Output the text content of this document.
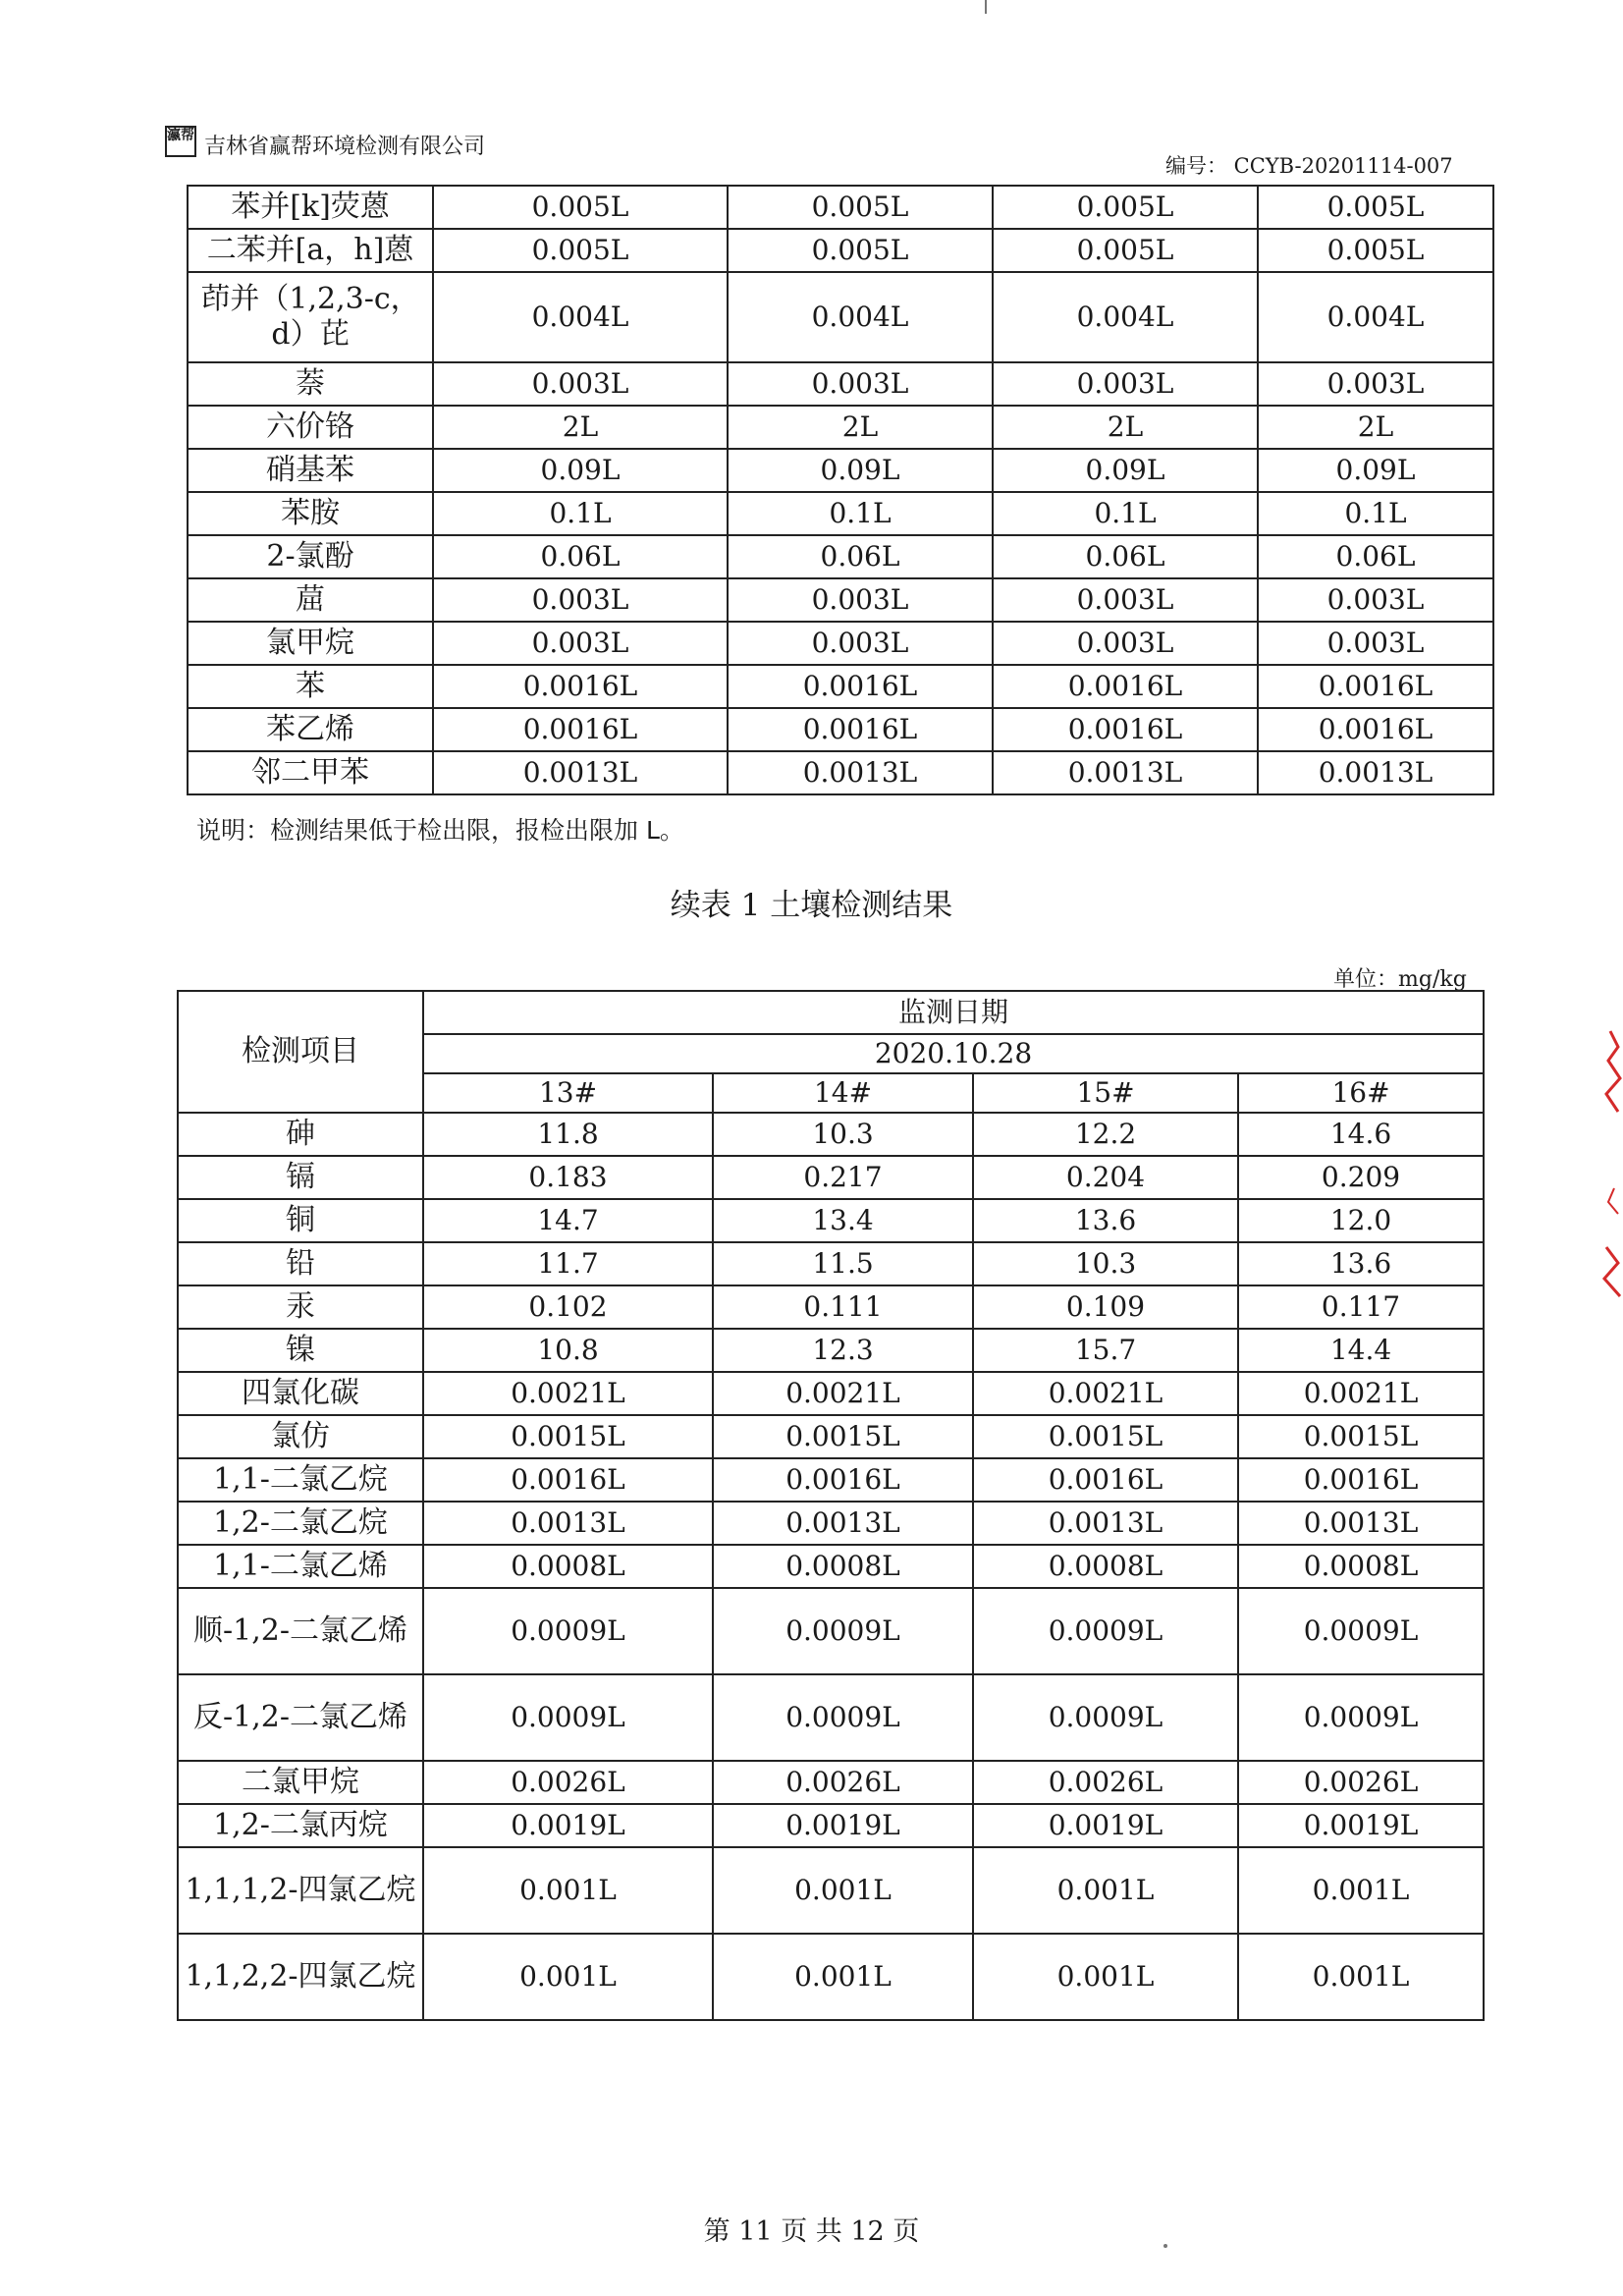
瀛帮 吉林省赢帮环境检测有限公司
编号： CCYB-20201114-007
苯并[k]荧蒽	0.005L	0.005L	0.005L	0.005L
二苯并[a，h]蒽	0.005L	0.005L	0.005L	0.005L
茚并（1,2,3-c，d）芘	0.004L	0.004L	0.004L	0.004L
萘	0.003L	0.003L	0.003L	0.003L
六价铬	2L	2L	2L	2L
硝基苯	0.09L	0.09L	0.09L	0.09L
苯胺	0.1L	0.1L	0.1L	0.1L
2-氯酚	0.06L	0.06L	0.06L	0.06L
䓛	0.003L	0.003L	0.003L	0.003L
氯甲烷	0.003L	0.003L	0.003L	0.003L
苯	0.0016L	0.0016L	0.0016L	0.0016L
苯乙烯	0.0016L	0.0016L	0.0016L	0.0016L
邻二甲苯	0.0013L	0.0013L	0.0013L	0.0013L
说明：检测结果低于检出限，报检出限加 L。
续表 1 土壤检测结果
单位：mg/kg
检测项目	监测日期			
	2020.10.28			
	13#	14#	15#	16#
砷	11.8	10.3	12.2	14.6
镉	0.183	0.217	0.204	0.209
铜	14.7	13.4	13.6	12.0
铅	11.7	11.5	10.3	13.6
汞	0.102	0.111	0.109	0.117
镍	10.8	12.3	15.7	14.4
四氯化碳	0.0021L	0.0021L	0.0021L	0.0021L
氯仿	0.0015L	0.0015L	0.0015L	0.0015L
1,1-二氯乙烷	0.0016L	0.0016L	0.0016L	0.0016L
1,2-二氯乙烷	0.0013L	0.0013L	0.0013L	0.0013L
1,1-二氯乙烯	0.0008L	0.0008L	0.0008L	0.0008L
顺-1,2-二氯乙烯	0.0009L	0.0009L	0.0009L	0.0009L
反-1,2-二氯乙烯	0.0009L	0.0009L	0.0009L	0.0009L
二氯甲烷	0.0026L	0.0026L	0.0026L	0.0026L
1,2-二氯丙烷	0.0019L	0.0019L	0.0019L	0.0019L
1,1,1,2-四氯乙烷	0.001L	0.001L	0.001L	0.001L
1,1,2,2-四氯乙烷	0.001L	0.001L	0.001L	0.001L
第 11 页 共 12 页
